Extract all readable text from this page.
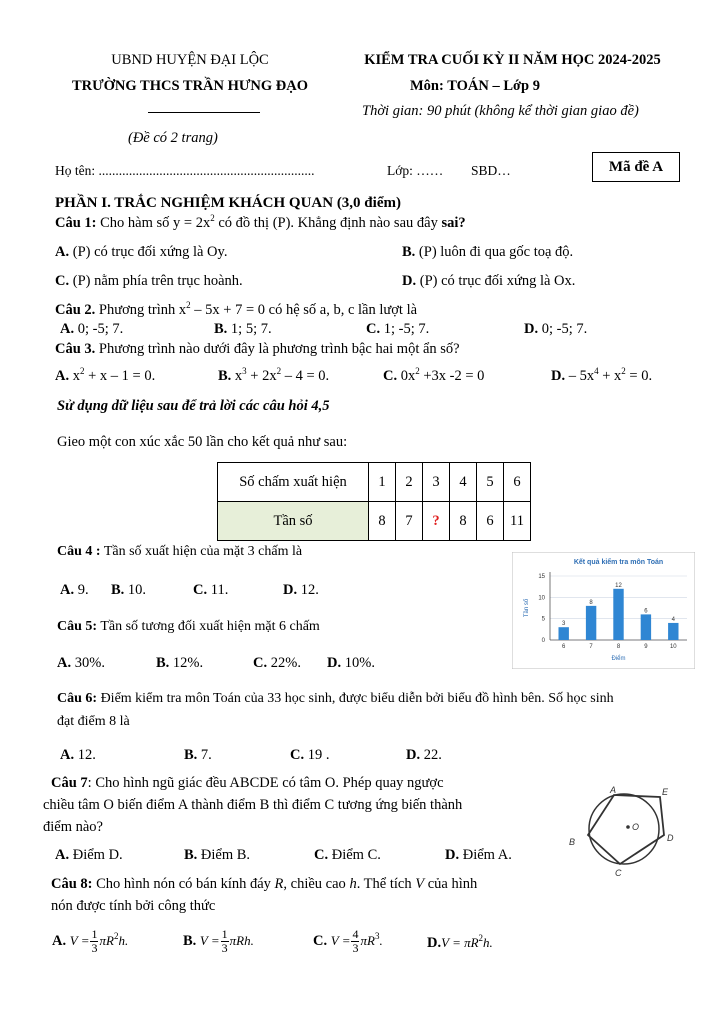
UBND HUYỆN ĐẠI LỘC
TRƯỜNG THCS TRẦN HƯNG ĐẠO
(Đề có 2 trang)
KIỂM TRA CUỐI KỲ II NĂM HỌC 2024-2025
Môn: TOÁN – Lớp 9
Thời gian: 90 phút (không kể thời gian giao đề)
Họ tên: ................................................................	Lớp: …… SBD…	Mã đề A
PHẦN I. TRẮC NGHIỆM KHÁCH QUAN (3,0 điểm)
Câu 1: Cho hàm số $y = 2x^2$ có đồ thị (P). Khẳng định nào sau đây sai?
A. (P) có trục đối xứng là Oy.	B. (P) luôn đi qua gốc toạ độ.
C. (P) nằm phía trên trục hoành.	D. (P) có trục đối xứng là Ox.
Câu 2. Phương trình $x^2 - 5x + 7 = 0$ có hệ số a, b, c lần lượt là
A. 0; -5; 7.	B. 1; 5; 7.	C. 1; -5; 7.	D. 0; -5; 7.
Câu 3. Phương trình nào dưới đây là phương trình bậc hai một ẩn số?
A. $x^2 + x - 1 = 0$.	B. $x^3 + 2x^2 - 4 = 0$.	C. $0x^2 +3x$ -2 = 0	D. – $5x^4 + x^2 = 0$.
Sử dụng dữ liệu sau để trả lời các câu hỏi 4,5
Gieo một con xúc xắc 50 lần cho kết quả như sau:
Số chấm xuất hiện	1	2	3	4	5	6
Tần số	8	7	?	8	6	11
Câu 4 : Tần số xuất hiện của mặt 3 chấm là
A. 9. B. 10.	C. 11.	D. 12.
Câu 5: Tần số tương đối xuất hiện mặt 6 chấm
A. 30%.	B. 12%.	C. 22%. D. 10%.
Kết quả kiểm tra môn Toán
0
5
10
15
3
6
8
7
12
8
6
9
4
10
Điểm
Tần số
Câu 6: Điểm kiểm tra môn Toán của 33 học sinh, được biểu diễn bởi biểu đồ hình bên. Số học sinh
đạt điểm 8 là
A. 12.	B. 7.	C. 19 .	D. 22.
Câu 7: Cho hình ngũ giác đều ABCDE có tâm O. Phép quay ngược
chiều tâm O biến điểm A thành điểm B thì điểm C tương ứng biến thành
điểm nào?
A. Điểm D.	B. Điểm B.	C. Điểm C.	D. Điểm A.
O
A	E
B	D
C
Câu 8: Cho hình nón có bán kính đáy R, chiều cao h. Thể tích V của hình
nón được tính bởi công thức
A. $V = \frac{1}{3} \pi R^2h$.	B. $V = \frac{1}{3} \pi Rh$.	C. $V = \frac{4}{3} \pi R^3$.	$D.V = \pi R^2h$.
